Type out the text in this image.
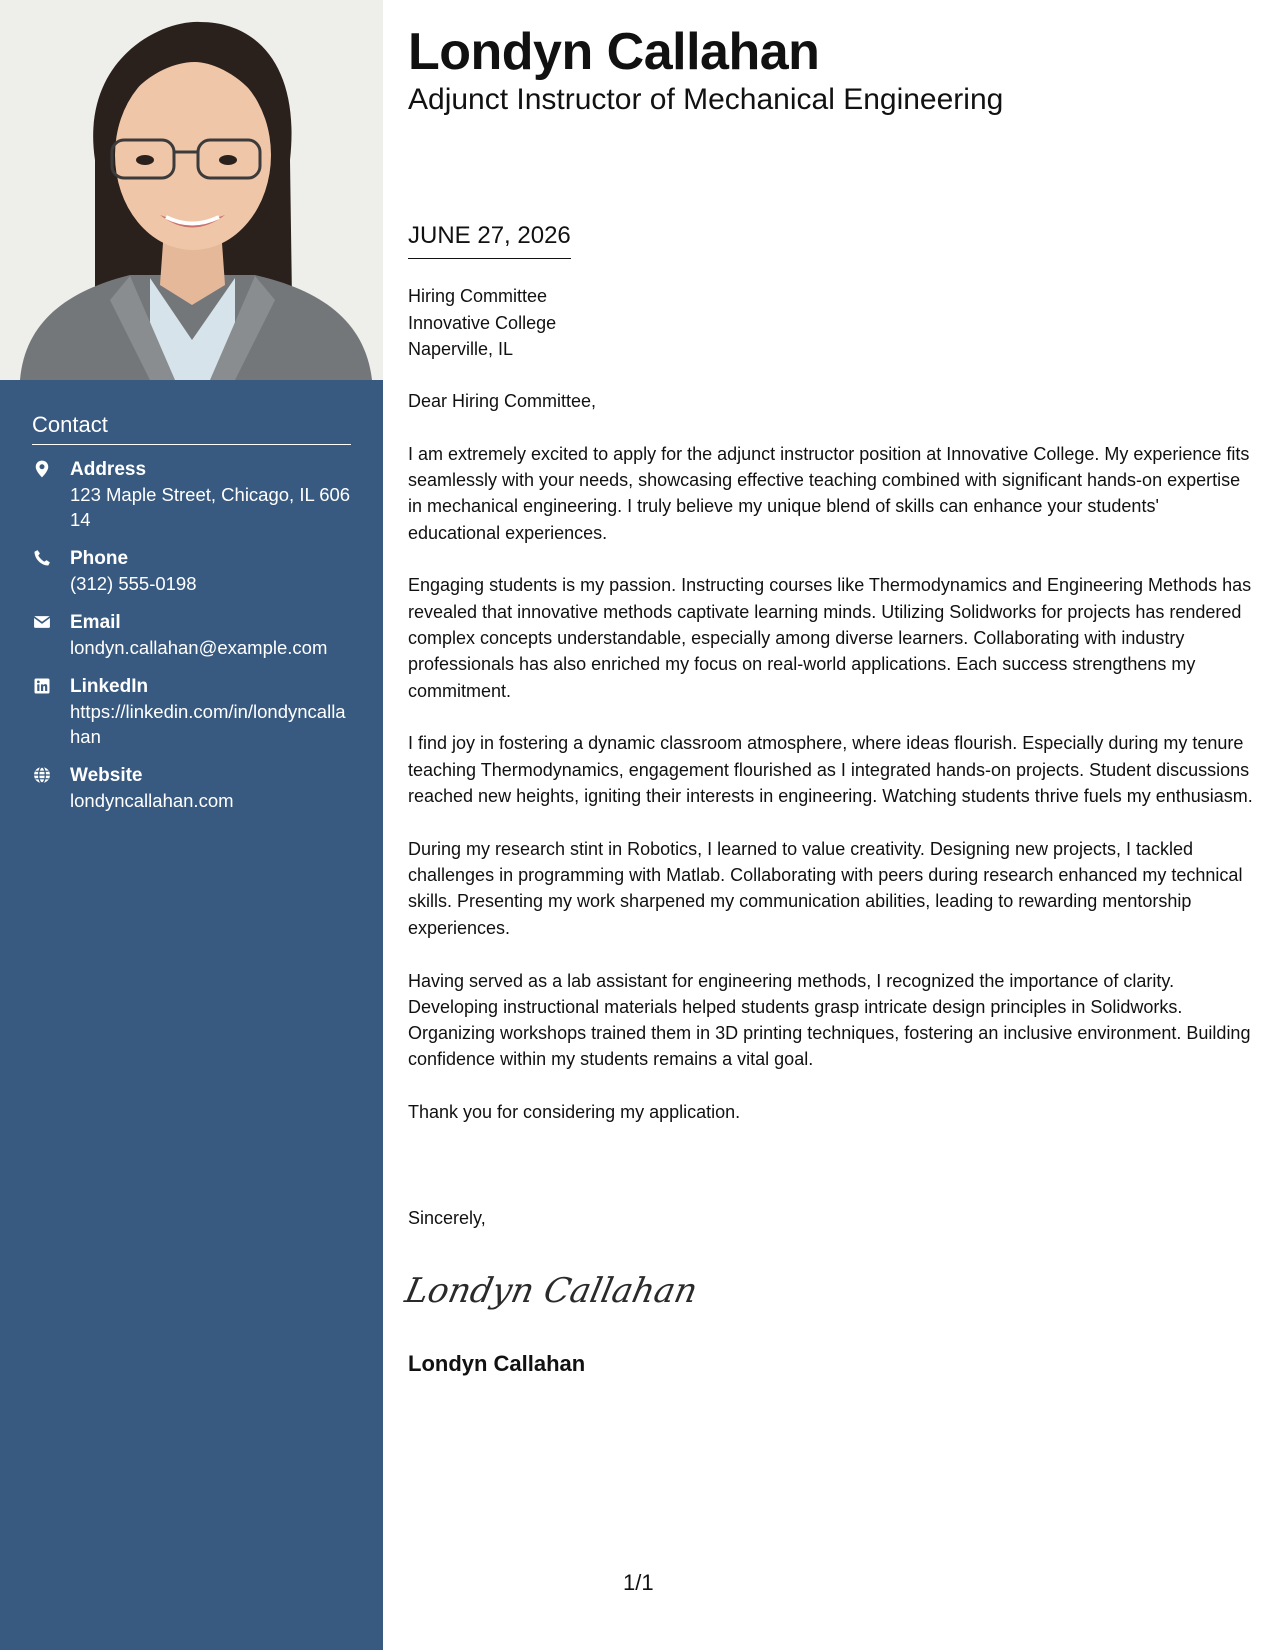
Contact
Address
123 Maple Street, Chicago, IL 60614
Phone
(312) 555-0198
Email
londyn.callahan@example.com
LinkedIn
https://linkedin.com/in/londyncallahan
Website
londyncallahan.com
Londyn Callahan
Adjunct Instructor of Mechanical Engineering
JUNE 27, 2026
Hiring Committee
Innovative College
Naperville, IL

Dear Hiring Committee,

I am extremely excited to apply for the adjunct instructor position at Innovative College. My experience fits seamlessly with your needs, showcasing effective teaching combined with significant hands-on expertise in mechanical engineering. I truly believe my unique blend of skills can enhance your students' educational experiences.

Engaging students is my passion. Instructing courses like Thermodynamics and Engineering Methods has revealed that innovative methods captivate learning minds. Utilizing Solidworks for projects has rendered complex concepts understandable, especially among diverse learners. Collaborating with industry professionals has also enriched my focus on real-world applications. Each success strengthens my commitment.

I find joy in fostering a dynamic classroom atmosphere, where ideas flourish. Especially during my tenure teaching Thermodynamics, engagement flourished as I integrated hands-on projects. Student discussions reached new heights, igniting their interests in engineering. Watching students thrive fuels my enthusiasm.

During my research stint in Robotics, I learned to value creativity. Designing new projects, I tackled challenges in programming with Matlab. Collaborating with peers during research enhanced my technical skills. Presenting my work sharpened my communication abilities, leading to rewarding mentorship experiences.

Having served as a lab assistant for engineering methods, I recognized the importance of clarity. Developing instructional materials helped students grasp intricate design principles in Solidworks. Organizing workshops trained them in 3D printing techniques, fostering an inclusive environment. Building confidence within my students remains a vital goal.

Thank you for considering my application.

Sincerely,
Londyn Callahan
Londyn Callahan
1/1
